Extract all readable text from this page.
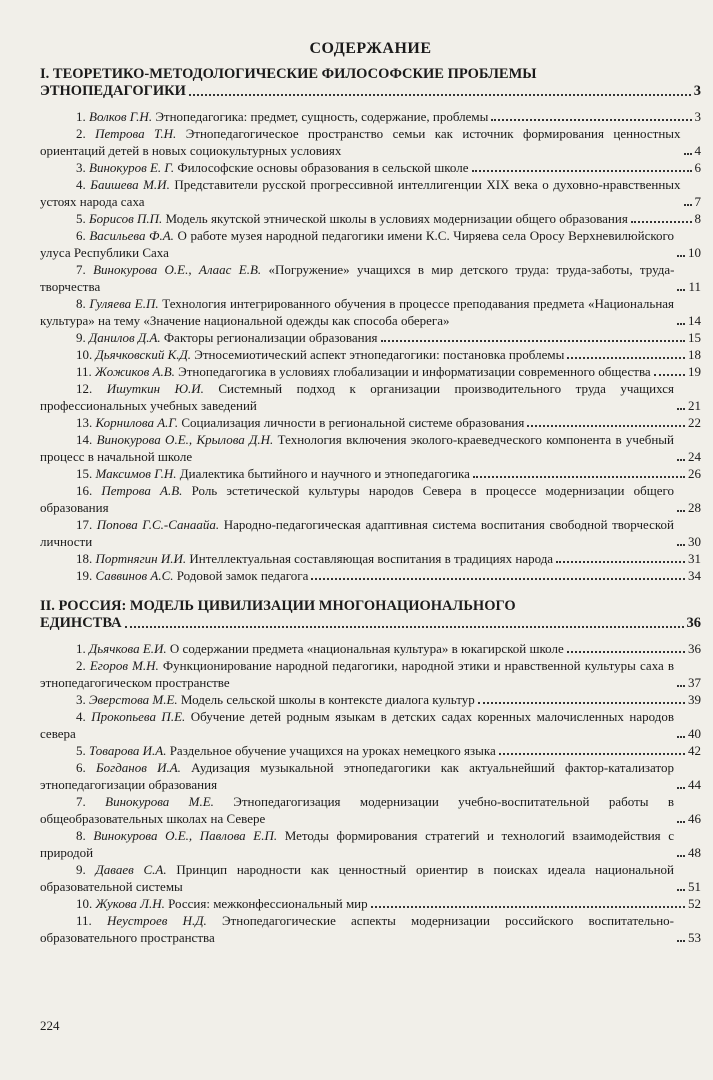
СОДЕРЖАНИЕ
I. ТЕОРЕТИКО-МЕТОДОЛОГИЧЕСКИЕ ФИЛОСОФСКИЕ ПРОБЛЕМЫ
ЭТНОПЕДАГОГИКИ	3
1. Волков Г.Н. Этнопедагогика: предмет, сущность, содержание, проблемы	3
2. Петрова Т.Н. Этнопедагогическое пространство семьи как источник формирования ценностных ориентаций детей в новых социокультурных условиях	4
3. Винокуров Е. Г. Философские основы образования в сельской школе	6
4. Баишева М.И. Представители русской прогрессивной интеллигенции XIX века о духовно-нравственных устоях народа саха	7
5. Борисов П.П. Модель якутской этнической школы в условиях модернизации общего образования	8
6. Васильева Ф.А. О работе музея народной педагогики имени К.С. Чиряева села Оросу Верхневилюйского улуса Республики Саха	10
7. Винокурова О.Е., Алаас Е.В. «Погружение» учащихся в мир детского труда: труда-заботы, труда-творчества	11
8. Гуляева Е.П. Технология интегрированного обучения в процессе преподавания предмета «Национальная культура» на тему «Значение национальной одежды как способа оберега»	14
9. Данилов Д.А. Факторы регионализации образования	15
10. Дьячковский К.Д. Этносемиотический аспект этнопедагогики: постановка проблемы	18
11. Жожиков А.В. Этнопедагогика в условиях глобализации и информатизации современного общества	19
12. Ишуткин Ю.И. Системный подход к организации производительного труда учащихся профессиональных учебных заведений	21
13. Корнилова А.Г. Социализация личности в региональной системе образования	22
14. Винокурова О.Е., Крылова Д.Н. Технология включения эколого-краеведческого компонента в учебный процесс в начальной школе	24
15. Максимов Г.Н. Диалектика бытийного и научного и этнопедагогика	26
16. Петрова А.В. Роль эстетической культуры народов Севера в процессе модернизации общего образования	28
17. Попова Г.С.-Санаайа. Народно-педагогическая адаптивная система воспитания свободной творческой личности	30
18. Портнягин И.И. Интеллектуальная составляющая воспитания в традициях народа	31
19. Саввинов А.С. Родовой замок педагога	34
II. РОССИЯ: МОДЕЛЬ ЦИВИЛИЗАЦИИ МНОГОНАЦИОНАЛЬНОГО
ЕДИНСТВА	36
1. Дьячкова Е.И. О содержании предмета «национальная культура» в юкагирской школе	36
2. Егоров М.Н. Функционирование народной педагогики, народной этики и нравственной культуры саха в этнопедагогическом пространстве	37
3. Эверстова М.Е. Модель сельской школы в контексте диалога культур	39
4. Прокопьева П.Е. Обучение детей родным языкам в детских садах коренных малочисленных народов севера	40
5. Товарова И.А. Раздельное обучение учащихся на уроках немецкого языка	42
6. Богданов И.А. Аудизация музыкальной этнопедагогики как актуальнейший фактор-катализатор этнопедагогизации образования	44
7. Винокурова М.Е. Этнопедагогизация модернизации учебно-воспитательной работы в общеобразовательных школах на Севере	46
8. Винокурова О.Е., Павлова Е.П. Методы формирования стратегий и технологий взаимодействия с природой	48
9. Даваев С.А. Принцип народности как ценностный ориентир в поисках идеала национальной образовательной системы	51
10. Жукова Л.Н. Россия: межконфессиональный мир	52
11. Неустроев Н.Д. Этнопедагогические аспекты модернизации российского воспитательно-образовательного пространства	53
224
